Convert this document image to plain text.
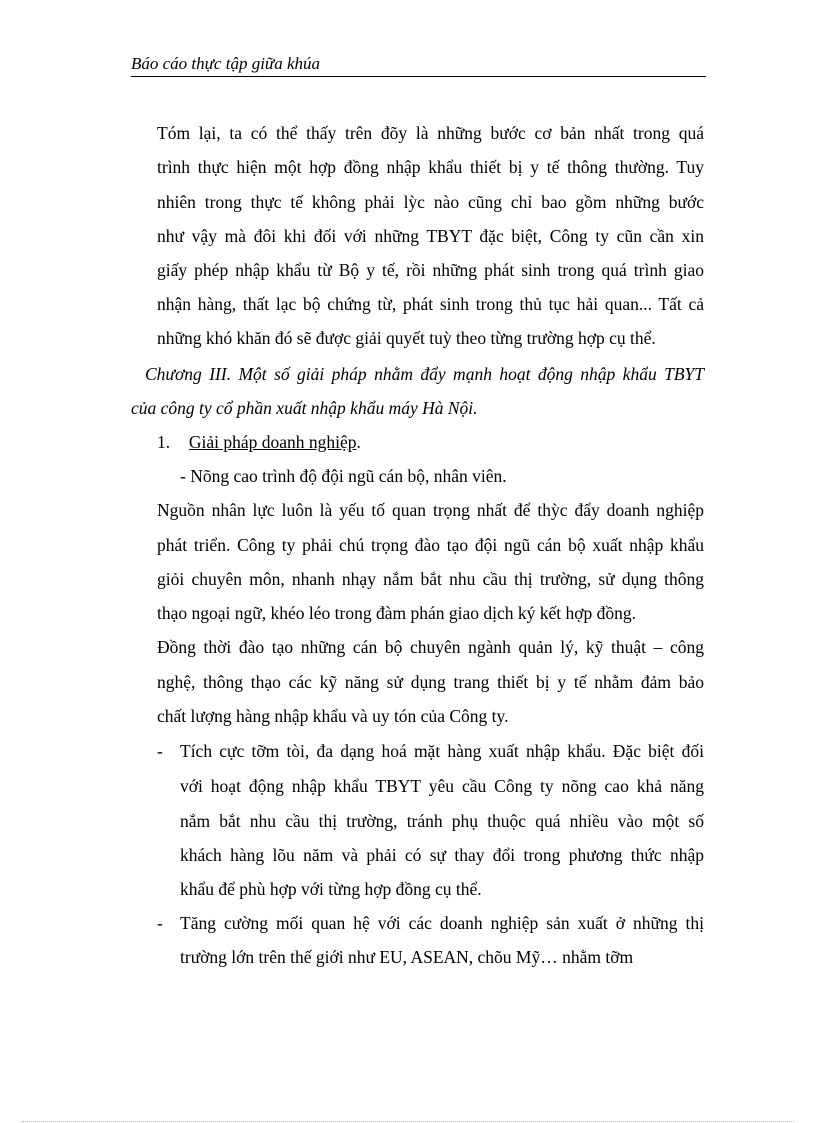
Báo cáo thực tập giữa khúa
Tóm lại, ta có thể thấy trên đõy là những bước cơ bản nhất trong quá
trình thực hiện một hợp đồng nhập khẩu thiết bị y tế thông thường. Tuy
nhiên trong thực tế không phải lỳc nào cũng chỉ bao gồm những bước
như vậy mà đôi khi đối với những TBYT đặc biệt, Công ty cũn cần xin
giấy phép nhập khẩu từ Bộ y tế, rồi những phát sinh trong quá trình giao
nhận hàng, thất lạc bộ chứng từ, phát sinh trong thủ tục hải quan... Tất cả
những khó khăn đó sẽ được giải quyết tuỳ theo từng trường hợp cụ thể.
Chương III. Một số giải pháp nhằm đẩy mạnh hoạt động nhập khẩu TBYT
của công ty cổ phần xuất nhập khẩu máy Hà Nội.
1. Giải pháp doanh nghiệp.
- Nõng cao trình độ đội ngũ cán bộ, nhân viên.
Nguồn nhân lực luôn là yếu tố quan trọng nhất để thỳc đẩy doanh nghiệp
phát triển. Công ty phải chú trọng đào tạo đội ngũ cán bộ xuất nhập khẩu
giỏi chuyên môn, nhanh nhạy nắm bắt nhu cầu thị trường, sử dụng thông
thạo ngoại ngữ, khéo léo trong đàm phán giao dịch ký kết hợp đồng.
Đồng thời đào tạo những cán bộ chuyên ngành quản lý, kỹ thuật – công
nghệ, thông thạo các kỹ năng sử dụng trang thiết bị y tế nhằm đảm bảo
chất lượng hàng nhập khẩu và uy tón của Công ty.
- Tích cực tỡm tòi, đa dạng hoá mặt hàng xuất nhập khẩu. Đặc biệt đối
với hoạt động nhập khẩu TBYT yêu cầu Công ty nõng cao khả năng
nắm bắt nhu cầu thị trường, tránh phụ thuộc quá nhiều vào một số
khách hàng lõu năm và phải có sự thay đổi trong phương thức nhập
khẩu để phù hợp với từng hợp đồng cụ thể.
- Tăng cường mối quan hệ với các doanh nghiệp sản xuất ở những thị
trường lớn trên thế giới như EU, ASEAN, chõu Mỹ… nhằm tỡm
